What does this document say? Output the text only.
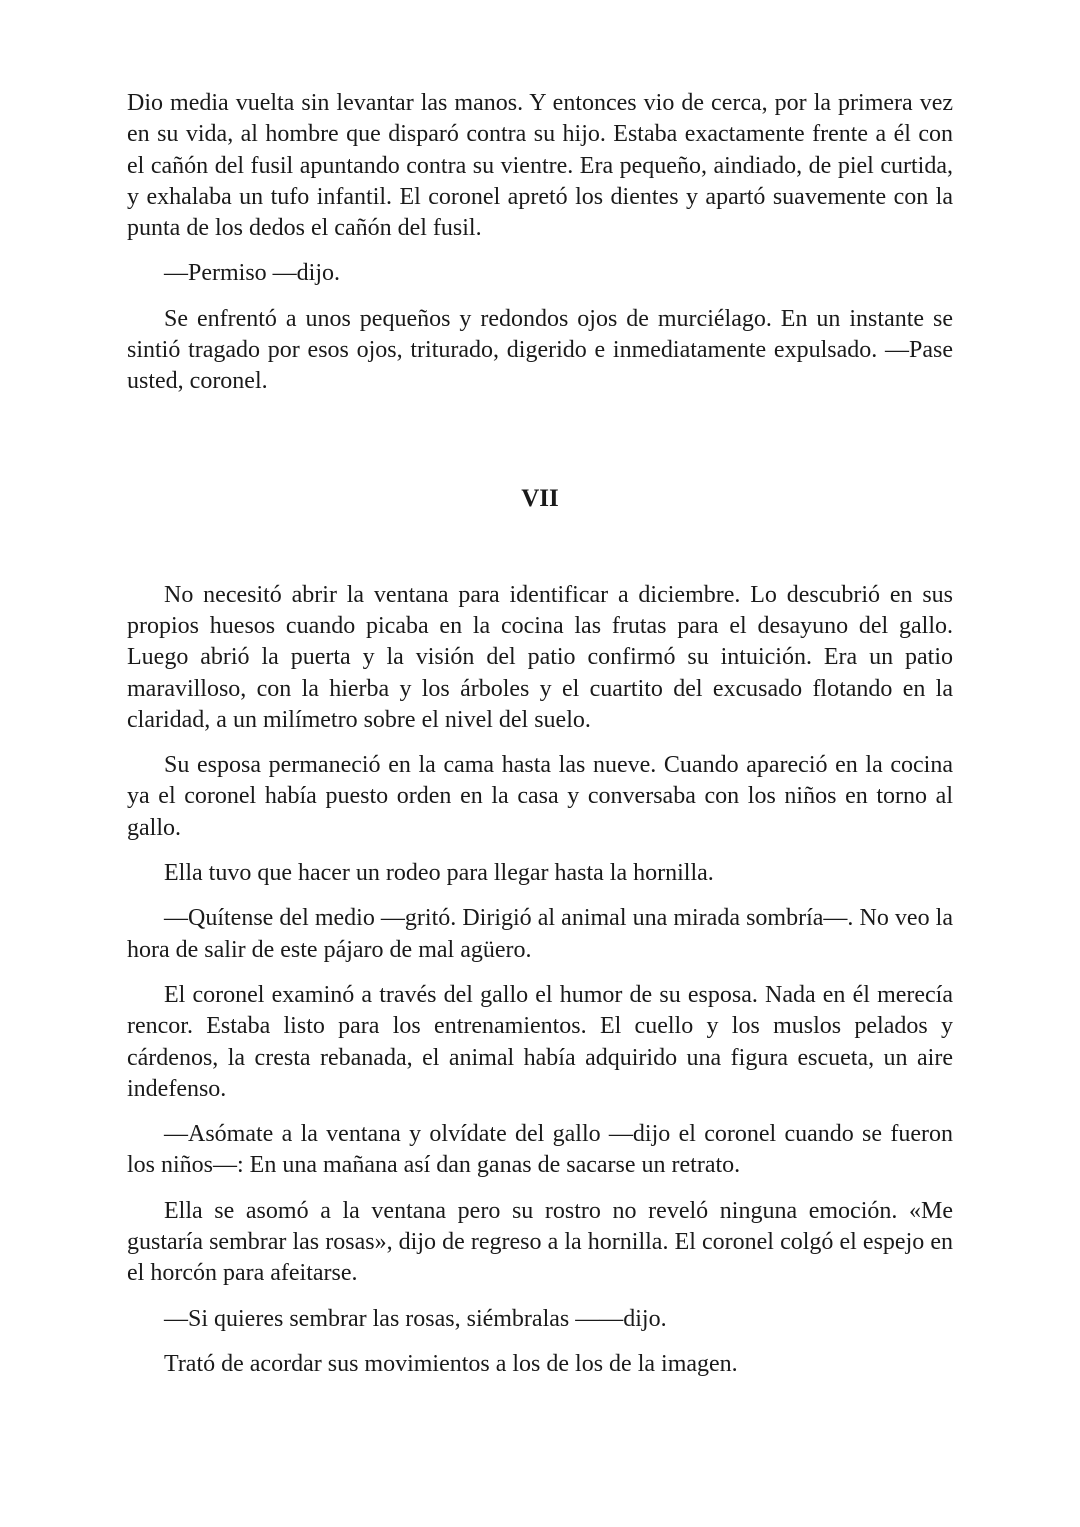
Dio media vuelta sin levantar las manos. Y entonces vio de cerca, por la primera vez en su vida, al hombre que disparó contra su hijo. Estaba exactamente frente a él con el cañón del fusil apuntando contra su vientre. Era pequeño, aindiado, de piel curtida, y exhalaba un tufo infantil. El coronel apretó los dientes y apartó suavemente con la punta de los dedos el cañón del fusil.

—Permiso —dijo.

Se enfrentó a unos pequeños y redondos ojos de murciélago. En un instante se sintió tragado por esos ojos, triturado, digerido e inmediatamente expulsado. —Pase usted, coronel.

VII

No necesitó abrir la ventana para identificar a diciembre. Lo descubrió en sus propios huesos cuando picaba en la cocina las frutas para el desayuno del gallo. Luego abrió la puerta y la visión del patio confirmó su intuición. Era un patio maravilloso, con la hierba y los árboles y el cuartito del excusado flotando en la claridad, a un milímetro sobre el nivel del suelo.

Su esposa permaneció en la cama hasta las nueve. Cuando apareció en la cocina ya el coronel había puesto orden en la casa y conversaba con los niños en torno al gallo.

Ella tuvo que hacer un rodeo para llegar hasta la hornilla.

—Quítense del medio —gritó. Dirigió al animal una mirada sombría—. No veo la hora de salir de este pájaro de mal agüero.

El coronel examinó a través del gallo el humor de su esposa. Nada en él merecía rencor. Estaba listo para los entrenamientos. El cuello y los muslos pelados y cárdenos, la cresta rebanada, el animal había adquirido una figura escueta, un aire indefenso.

—Asómate a la ventana y olvídate del gallo —dijo el coronel cuando se fueron los niños—: En una mañana así dan ganas de sacarse un retrato.

Ella se asomó a la ventana pero su rostro no reveló ninguna emoción. «Me gustaría sembrar las rosas», dijo de regreso a la hornilla. El coronel colgó el espejo en el horcón para afeitarse.

—Si quieres sembrar las rosas, siémbralas ——dijo.

Trató de acordar sus movimientos a los de los de la imagen.
